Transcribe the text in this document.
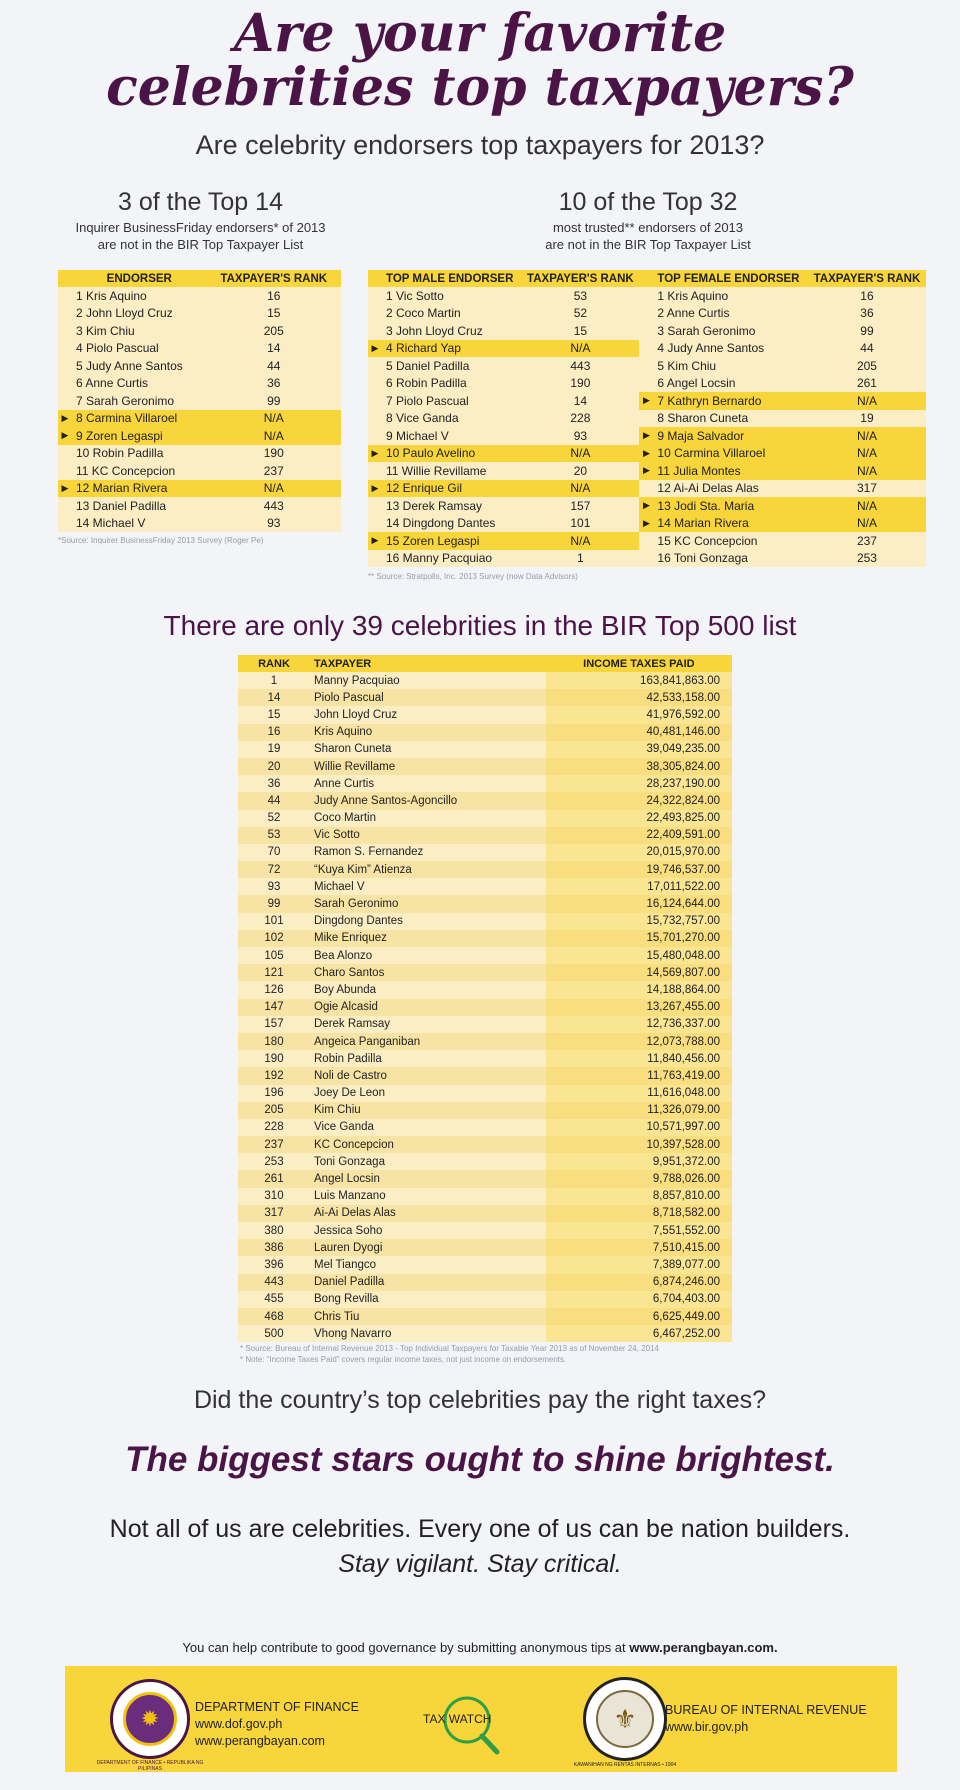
Are your favorite
celebrities top taxpayers?
Are celebrity endorsers top taxpayers for 2013?
3 of the Top 14
Inquirer BusinessFriday endorsers* of 2013
are not in the BIR Top Taxpayer List
	ENDORSER	TAXPAYER'S RANK
	1 Kris Aquino	16
	2 John Lloyd Cruz	15
	3 Kim Chiu	205
	4 Piolo Pascual	14
	5 Judy Anne Santos	44
	6 Anne Curtis	36
	7 Sarah Geronimo	99
▶	8 Carmina Villaroel	N/A
▶	9 Zoren Legaspi	N/A
	10 Robin Padilla	190
	11 KC Concepcion	237
▶	12 Marian Rivera	N/A
	13 Daniel Padilla	443
	14 Michael V	93
*Source: Inquirer BusinessFriday 2013 Survey (Roger Pe)
10 of the Top 32
most trusted** endorsers of 2013
are not in the BIR Top Taxpayer List
	TOP MALE ENDORSER	TAXPAYER'S RANK		TOP FEMALE ENDORSER	TAXPAYER'S RANK
	1 Vic Sotto	53		1 Kris Aquino	16
	2 Coco Martin	52		2 Anne Curtis	36
	3 John Lloyd Cruz	15		3 Sarah Geronimo	99
▶	4 Richard Yap	N/A		4 Judy Anne Santos	44
	5 Daniel Padilla	443		5 Kim Chiu	205
	6 Robin Padilla	190		6 Angel Locsin	261
	7 Piolo Pascual	14	▶	7 Kathryn Bernardo	N/A
	8 Vice Ganda	228		8 Sharon Cuneta	19
	9 Michael V	93	▶	9 Maja Salvador	N/A
▶	10 Paulo Avelino	N/A	▶	10 Carmina Villaroel	N/A
	11 Willie Revillame	20	▶	11 Julia Montes	N/A
▶	12 Enrique Gil	N/A		12 Ai-Ai Delas Alas	317
	13 Derek Ramsay	157	▶	13 Jodi Sta. Maria	N/A
	14 Dingdong Dantes	101	▶	14 Marian Rivera	N/A
▶	15 Zoren Legaspi	N/A		15 KC Concepcion	237
	16 Manny Pacquiao	1		16 Toni Gonzaga	253
** Source: Stratpolls, Inc. 2013 Survey (now Data Advisors)
There are only 39 celebrities in the BIR Top 500 list
RANK	TAXPAYER	INCOME TAXES PAID
1	Manny Pacquiao	163,841,863.00
14	Piolo Pascual	42,533,158.00
15	John Lloyd Cruz	41,976,592.00
16	Kris Aquino	40,481,146.00
19	Sharon Cuneta	39,049,235.00
20	Willie Revillame	38,305,824.00
36	Anne Curtis	28,237,190.00
44	Judy Anne Santos-Agoncillo	24,322,824.00
52	Coco Martin	22,493,825.00
53	Vic Sotto	22,409,591.00
70	Ramon S. Fernandez	20,015,970.00
72	“Kuya Kim” Atienza	19,746,537.00
93	Michael V	17,011,522.00
99	Sarah Geronimo	16,124,644.00
101	Dingdong Dantes	15,732,757.00
102	Mike Enriquez	15,701,270.00
105	Bea Alonzo	15,480,048.00
121	Charo Santos	14,569,807.00
126	Boy Abunda	14,188,864.00
147	Ogie Alcasid	13,267,455.00
157	Derek Ramsay	12,736,337.00
180	Angeica Panganiban	12,073,788.00
190	Robin Padilla	11,840,456.00
192	Noli de Castro	11,763,419.00
196	Joey De Leon	11,616,048.00
205	Kim Chiu	11,326,079.00
228	Vice Ganda	10,571,997.00
237	KC Concepcion	10,397,528.00
253	Toni Gonzaga	9,951,372.00
261	Angel Locsin	9,788,026.00
310	Luis Manzano	8,857,810.00
317	Ai-Ai Delas Alas	8,718,582.00
380	Jessica Soho	7,551,552.00
386	Lauren Dyogi	7,510,415.00
396	Mel Tiangco	7,389,077.00
443	Daniel Padilla	6,874,246.00
455	Bong Revilla	6,704,403.00
468	Chris Tiu	6,625,449.00
500	Vhong Navarro	6,467,252.00
* Source: Bureau of Internal Revenue 2013 - Top Individual Taxpayers for Taxable Year 2013 as of November 24, 2014
* Note: “Income Taxes Paid” covers regular income taxes, not just income on endorsements.
Did the country’s top celebrities pay the right taxes?
The biggest stars ought to shine brightest.
Not all of us are celebrities. Every one of us can be nation builders.
Stay vigilant. Stay critical.
You can help contribute to good governance by submitting anonymous tips at www.perangbayan.com.
✹
DEPARTMENT OF FINANCE • REPUBLIKA NG PILIPINAS
DEPARTMENT OF FINANCE
www.dof.gov.ph
www.perangbayan.com
TAX WATCH	⚜
KAWANIHAN NG RENTAS INTERNAS • 1904
BUREAU OF INTERNAL REVENUE
www.bir.gov.ph
